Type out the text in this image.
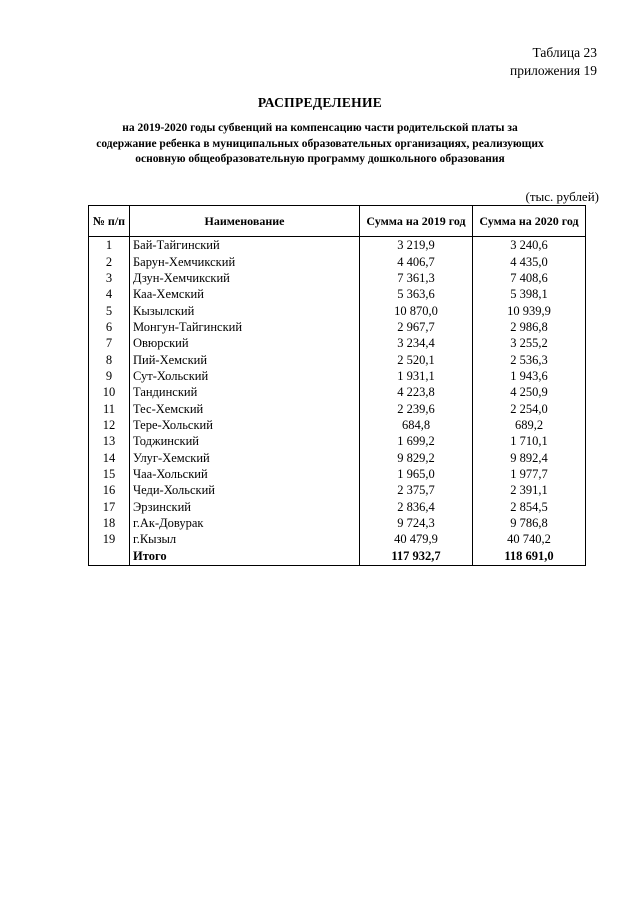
Таблица 23
приложения 19
РАСПРЕДЕЛЕНИЕ
на 2019-2020 годы субвенций на компенсацию части родительской платы за содержание ребенка в муниципальных образовательных организациях, реализующих основную общеобразовательную программу дошкольного образования
(тыс. рублей)
№ п/п	Наименование	Сумма на 2019 год	Сумма на 2020 год
1	Бай-Тайгинский	3 219,9	3 240,6
2	Барун-Хемчикский	4 406,7	4 435,0
3	Дзун-Хемчикский	7 361,3	7 408,6
4	Каа-Хемский	5 363,6	5 398,1
5	Кызылский	10 870,0	10 939,9
6	Монгун-Тайгинский	2 967,7	2 986,8
7	Овюрский	3 234,4	3 255,2
8	Пий-Хемский	2 520,1	2 536,3
9	Сут-Хольский	1 931,1	1 943,6
10	Тандинский	4 223,8	4 250,9
11	Тес-Хемский	2 239,6	2 254,0
12	Тере-Хольский	684,8	689,2
13	Тоджинский	1 699,2	1 710,1
14	Улуг-Хемский	9 829,2	9 892,4
15	Чаа-Хольский	1 965,0	1 977,7
16	Чеди-Хольский	2 375,7	2 391,1
17	Эрзинский	2 836,4	2 854,5
18	г.Ак-Довурак	9 724,3	9 786,8
19	г.Кызыл	40 479,9	40 740,2
	Итого	117 932,7	118 691,0
